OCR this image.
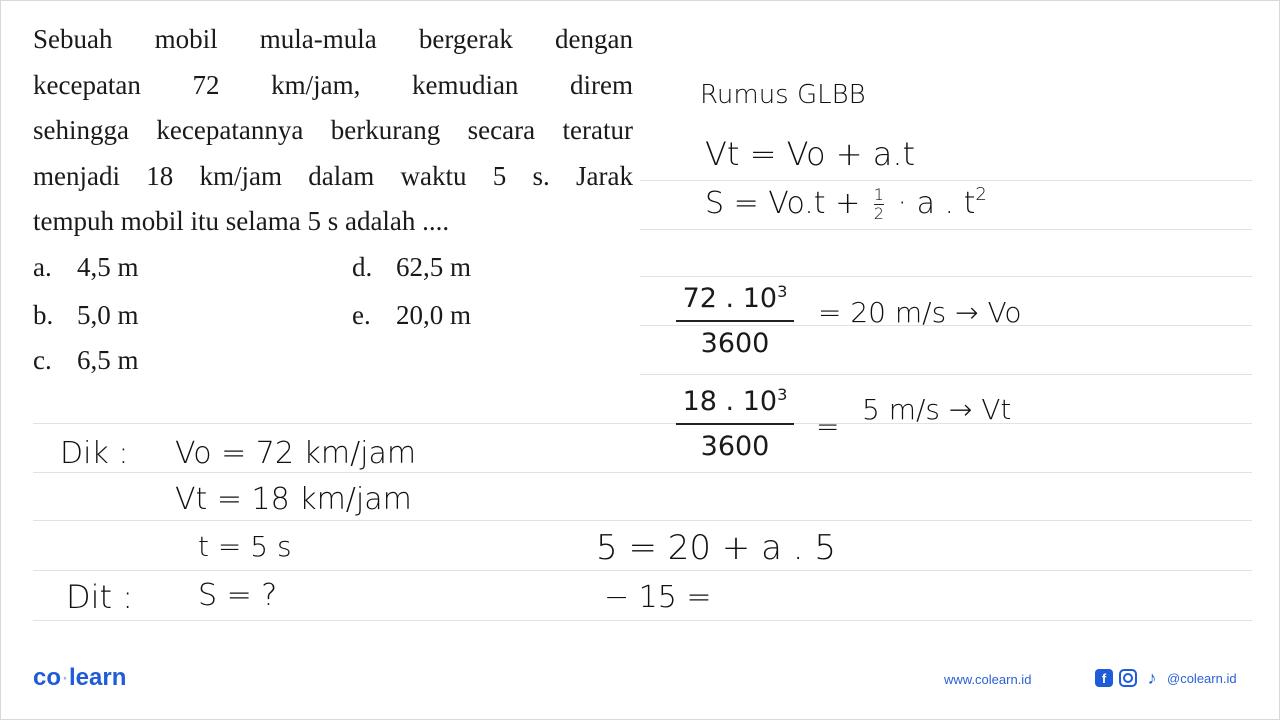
Sebuah mobil mula-mula bergerak dengan
kecepatan 72 km/jam, kemudian direm
sehingga kecepatannya berkurang secara teratur
menjadi 18 km/jam dalam waktu 5 s. Jarak
tempuh mobil itu selama 5 s adalah ....
a. 4,5 m
b. 5,0 m
c. 6,5 m
d. 62,5 m
e. 20,0 m
Rumus GLBB
Vt = Vo + a.t
$S = Vo.t + \frac{1}{2} \cdot a$ . $t^2$
72 . $10^3$
3600
= 20 m/s → Vo
18 . $10^3$
3600
=
5 m/s → Vt
Dik : Vo = 72 km/jam
Vt = 18 km/jam
t = 5 s
Dit : S = ?
5 = 20 + a . 5
− 15 =
co·learn	www.colearn.id	f	♪ @colearn.id
